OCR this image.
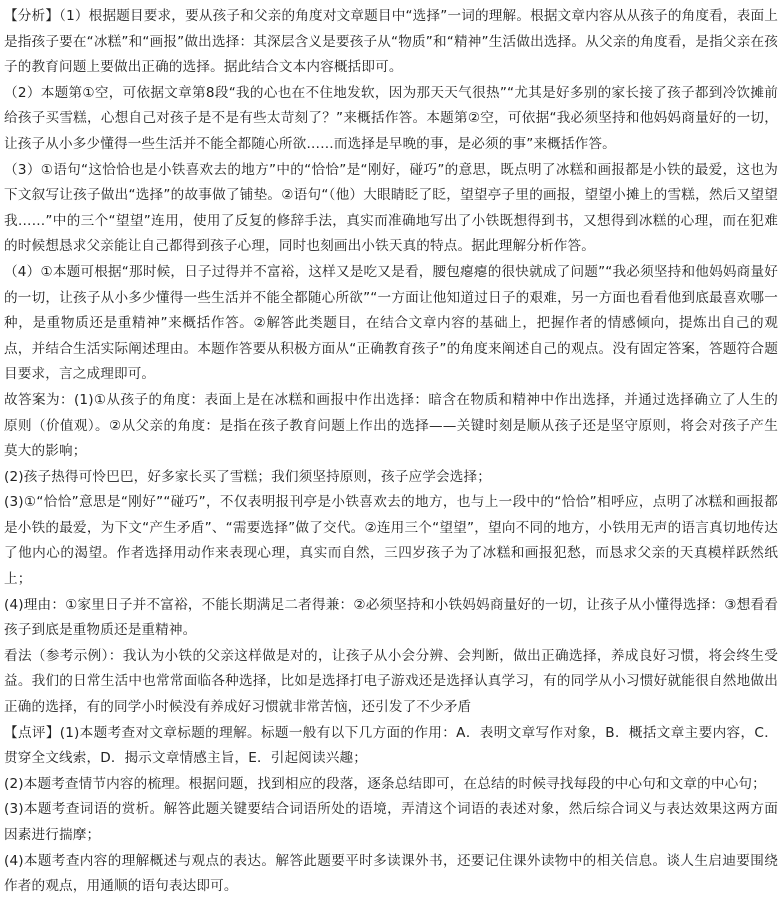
【分析】（1）根据题目要求，要从孩子和父亲的角度对文章题目中“选择”一词的理解。根据文章内容从从孩子的角度看，表面上是指孩子要在“冰糕”和“画报”做出选择：其深层含义是要孩子从“物质”和“精神”生活做出选择。从父亲的角度看，是指父亲在孩子的教育问题上要做出正确的选择。据此结合文本内容概括即可。

（2）本题第①空，可依据文章第8段“我的心也在不住地发软，因为那天天气很热”“尤其是好多别的家长接了孩子都到冷饮摊前给孩子买雪糕，心想自己对孩子是不是有些太苛刻了？”来概括作答。本题第②空，可依据“我必须坚持和他妈妈商量好的一切，让孩子从小多少懂得一些生活并不能全都随心所欲……而选择是早晚的事，是必须的事”来概括作答。

（3）①语句“这恰恰也是小铁喜欢去的地方”中的“恰恰”是“刚好，碰巧”的意思，既点明了冰糕和画报都是小铁的最爱，这也为下文叙写让孩子做出“选择”的故事做了铺垫。②语句“（他）大眼睛眨了眨，望望亭子里的画报，望望小摊上的雪糕，然后又望望我……”中的三个“望望”连用，使用了反复的修辞手法，真实而准确地写出了小铁既想得到书，又想得到冰糕的心理，而在犯难的时候想恳求父亲能让自己都得到孩子心理，同时也刻画出小铁天真的特点。据此理解分析作答。

（4）①本题可根据“那时候，日子过得并不富裕，这样又是吃又是看，腰包瘪瘪的很快就成了问题”“我必须坚持和他妈妈商量好的一切，让孩子从小多少懂得一些生活并不能全都随心所欲”“一方面让他知道过日子的艰难，另一方面也看看他到底最喜欢哪一种，是重物质还是重精神”来概括作答。②解答此类题目，在结合文章内容的基础上，把握作者的情感倾向，提炼出自己的观点，并结合生活实际阐述理由。本题作答要从积极方面从“正确教育孩子”的角度来阐述自己的观点。没有固定答案，答题符合题目要求，言之成理即可。

故答案为：(1)①从孩子的角度：表面上是在冰糕和画报中作出选择：暗含在物质和精神中作出选择，并通过选择确立了人生的原则（价值观）。②从父亲的角度：是指在孩子教育问题上作出的选择——关键时刻是顺从孩子还是坚守原则，将会对孩子产生莫大的影响；

(2)孩子热得可怜巴巴，好多家长买了雪糕；我们须坚持原则，孩子应学会选择；

(3)①“恰恰”意思是“刚好”“碰巧”，不仅表明报刊亭是小铁喜欢去的地方，也与上一段中的“恰恰”相呼应，点明了冰糕和画报都是小铁的最爱，为下文“产生矛盾”、“需要选择”做了交代。②连用三个“望望”，望向不同的地方，小铁用无声的语言真切地传达了他内心的渴望。作者选择用动作来表现心理，真实而自然，三四岁孩子为了冰糕和画报犯愁，而恳求父亲的天真模样跃然纸上；

(4)理由：①家里日子并不富裕，不能长期满足二者得兼：②必须坚持和小铁妈妈商量好的一切，让孩子从小懂得选择：③想看看孩子到底是重物质还是重精神。

看法（参考示例）：我认为小铁的父亲这样做是对的，让孩子从小会分辨、会判断，做出正确选择，养成良好习惯，将会终生受益。我们的日常生活中也常常面临各种选择，比如是选择打电子游戏还是选择认真学习，有的同学从小习惯好就能很自然地做出正确的选择，有的同学小时候没有养成好习惯就非常苦恼，还引发了不少矛盾

【点评】(1)本题考查对文章标题的理解。标题一般有以下几方面的作用：A．表明文章写作对象，B．概括文章主要内容，C．贯穿全文线索，D．揭示文章情感主旨，E．引起阅读兴趣；

(2)本题考查情节内容的梳理。根据问题，找到相应的段落，逐条总结即可，在总结的时候寻找每段的中心句和文章的中心句；

(3)本题考查词语的赏析。解答此题关键要结合词语所处的语境，弄清这个词语的表述对象，然后综合词义与表达效果这两方面因素进行揣摩；

(4)本题考查内容的理解概述与观点的表达。解答此题要平时多读课外书，还要记住课外读物中的相关信息。谈人生启迪要围绕作者的观点，用通顺的语句表达即可。
